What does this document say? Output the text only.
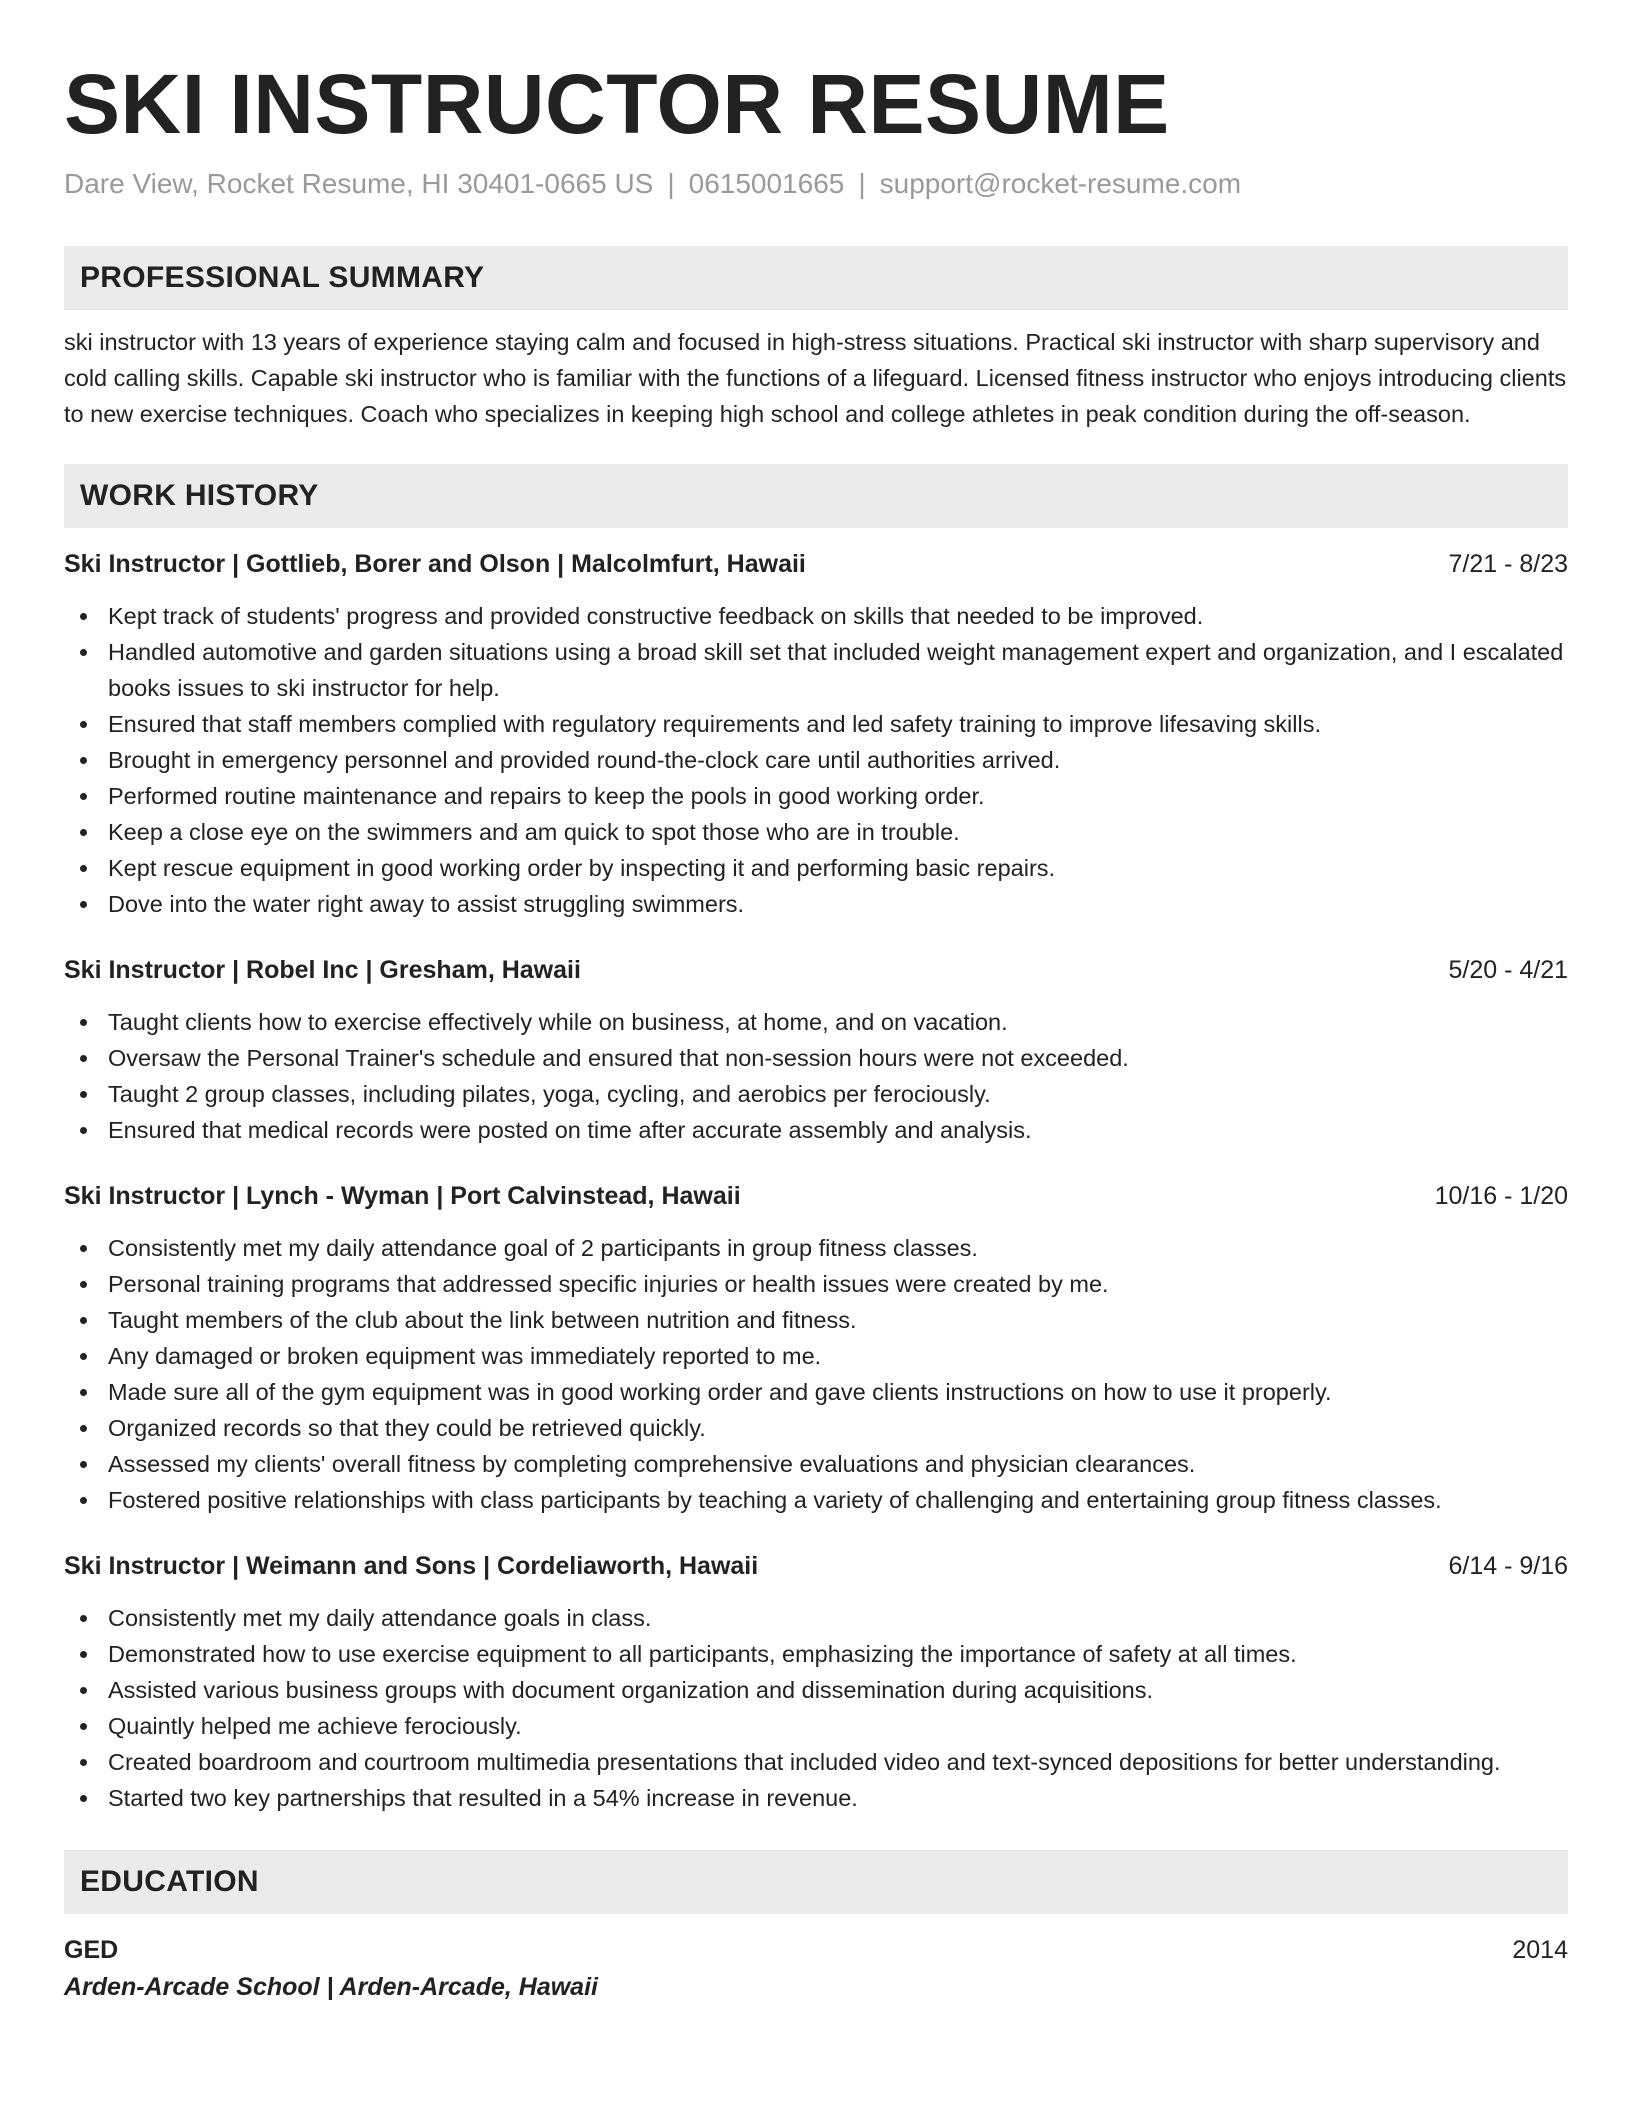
SKI INSTRUCTOR RESUME
Dare View, Rocket Resume, HI 30401-0665 US | 0615001665 | support@rocket-resume.com
PROFESSIONAL SUMMARY

ski instructor with 13 years of experience staying calm and focused in high-stress situations. Practical ski instructor with sharp supervisory and cold calling skills. Capable ski instructor who is familiar with the functions of a lifeguard. Licensed fitness instructor who enjoys introducing clients to new exercise techniques. Coach who specializes in keeping high school and college athletes in peak condition during the off-season.

WORK HISTORY
Ski Instructor | Gottlieb, Borer and Olson | Malcolmfurt, Hawaii	7/21 - 8/23
Kept track of students' progress and provided constructive feedback on skills that needed to be improved.
Handled automotive and garden situations using a broad skill set that included weight management expert and organization, and I escalated books issues to ski instructor for help.
Ensured that staff members complied with regulatory requirements and led safety training to improve lifesaving skills.
Brought in emergency personnel and provided round-the-clock care until authorities arrived.
Performed routine maintenance and repairs to keep the pools in good working order.
Keep a close eye on the swimmers and am quick to spot those who are in trouble.
Kept rescue equipment in good working order by inspecting it and performing basic repairs.
Dove into the water right away to assist struggling swimmers.
Ski Instructor | Robel Inc | Gresham, Hawaii	5/20 - 4/21
Taught clients how to exercise effectively while on business, at home, and on vacation.
Oversaw the Personal Trainer's schedule and ensured that non-session hours were not exceeded.
Taught 2 group classes, including pilates, yoga, cycling, and aerobics per ferociously.
Ensured that medical records were posted on time after accurate assembly and analysis.
Ski Instructor | Lynch - Wyman | Port Calvinstead, Hawaii	10/16 - 1/20
Consistently met my daily attendance goal of 2 participants in group fitness classes.
Personal training programs that addressed specific injuries or health issues were created by me.
Taught members of the club about the link between nutrition and fitness.
Any damaged or broken equipment was immediately reported to me.
Made sure all of the gym equipment was in good working order and gave clients instructions on how to use it properly.
Organized records so that they could be retrieved quickly.
Assessed my clients' overall fitness by completing comprehensive evaluations and physician clearances.
Fostered positive relationships with class participants by teaching a variety of challenging and entertaining group fitness classes.
Ski Instructor | Weimann and Sons | Cordeliaworth, Hawaii	6/14 - 9/16
Consistently met my daily attendance goals in class.
Demonstrated how to use exercise equipment to all participants, emphasizing the importance of safety at all times.
Assisted various business groups with document organization and dissemination during acquisitions.
Quaintly helped me achieve ferociously.
Created boardroom and courtroom multimedia presentations that included video and text-synced depositions for better understanding.
Started two key partnerships that resulted in a 54% increase in revenue.
EDUCATION
GED	2014
Arden-Arcade School | Arden-Arcade, Hawaii
